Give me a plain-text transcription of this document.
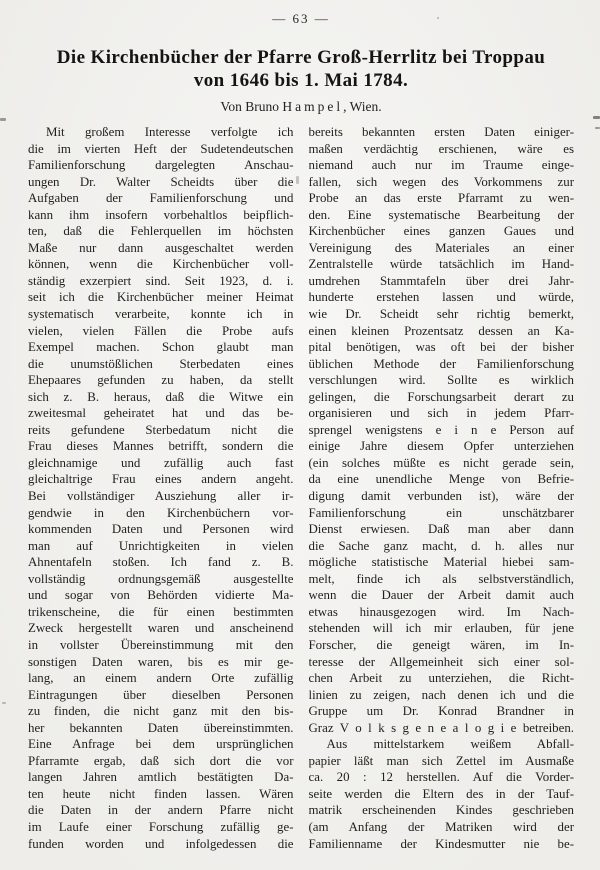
— 63 —
Die Kirchenbücher der Pfarre Groß-Herrlitz bei Troppau
von 1646 bis 1. Mai 1784.
Von Bruno Hampel, Wien.
Mit großem Interesse verfolgte ich
die im vierten Heft der Sudetendeutschen
Familienforschung dargelegten Anschau-
ungen Dr. Walter Scheidts über die
Aufgaben der Familienforschung und
kann ihm insofern vorbehaltlos beipflich-
ten, daß die Fehlerquellen im höchsten
Maße nur dann ausgeschaltet werden
können, wenn die Kirchenbücher voll-
ständig exzerpiert sind. Seit 1923, d. i.
seit ich die Kirchenbücher meiner Heimat
systematisch verarbeite, konnte ich in
vielen, vielen Fällen die Probe aufs
Exempel machen. Schon glaubt man
die unumstößlichen Sterbedaten eines
Ehepaares gefunden zu haben, da stellt
sich z. B. heraus, daß die Witwe ein
zweitesmal geheiratet hat und das be-
reits gefundene Sterbedatum nicht die
Frau dieses Mannes betrifft, sondern die
gleichnamige und zufällig auch fast
gleichaltrige Frau eines andern angeht.
Bei vollständiger Ausziehung aller ir-
gendwie in den Kirchenbüchern vor-
kommenden Daten und Personen wird
man auf Unrichtigkeiten in vielen
Ahnentafeln stoßen. Ich fand z. B.
vollständig ordnungsgemäß ausgestellte
und sogar von Behörden vidierte Ma-
trikenscheine, die für einen bestimmten
Zweck hergestellt waren und anscheinend
in vollster Übereinstimmung mit den
sonstigen Daten waren, bis es mir ge-
lang, an einem andern Orte zufällig
Eintragungen über dieselben Personen
zu finden, die nicht ganz mit den bis-
her bekannten Daten übereinstimmten.
Eine Anfrage bei dem ursprünglichen
Pfarramte ergab, daß sich dort die vor
langen Jahren amtlich bestätigten Da-
ten heute nicht finden lassen. Wären
die Daten in der andern Pfarre nicht
im Laufe einer Forschung zufällig ge-
funden worden und infolgedessen die
bereits bekannten ersten Daten einiger-
maßen verdächtig erschienen, wäre es
niemand auch nur im Traume einge-
fallen, sich wegen des Vorkommens zur
Probe an das erste Pfarramt zu wen-
den. Eine systematische Bearbeitung der
Kirchenbücher eines ganzen Gaues und
Vereinigung des Materiales an einer
Zentralstelle würde tatsächlich im Hand-
umdrehen Stammtafeln über drei Jahr-
hunderte erstehen lassen und würde,
wie Dr. Scheidt sehr richtig bemerkt,
einen kleinen Prozentsatz dessen an Ka-
pital benötigen, was oft bei der bisher
üblichen Methode der Familienforschung
verschlungen wird. Sollte es wirklich
gelingen, die Forschungsarbeit derart zu
organisieren und sich in jedem Pfarr-
sprengel wenigstens e i n e Person auf
einige Jahre diesem Opfer unterziehen
(ein solches müßte es nicht gerade sein,
da eine unendliche Menge von Befrie-
digung damit verbunden ist), wäre der
Familienforschung ein unschätzbarer
Dienst erwiesen. Daß man aber dann
die Sache ganz macht, d. h. alles nur
mögliche statistische Material hiebei sam-
melt, finde ich als selbstverständlich,
wenn die Dauer der Arbeit damit auch
etwas hinausgezogen wird. Im Nach-
stehenden will ich mir erlauben, für jene
Forscher, die geneigt wären, im In-
teresse der Allgemeinheit sich einer sol-
chen Arbeit zu unterziehen, die Richt-
linien zu zeigen, nach denen ich und die
Gruppe um Dr. Konrad Brandner in
Graz V o l k s g e n e a l o g i e betreiben.
Aus mittelstarkem weißem Abfall-
papier läßt man sich Zettel im Ausmaße
ca. 20 : 12 herstellen. Auf die Vorder-
seite werden die Eltern des in der Tauf-
matrik erscheinenden Kindes geschrieben
(am Anfang der Matriken wird der
Familienname der Kindesmutter nie be-
